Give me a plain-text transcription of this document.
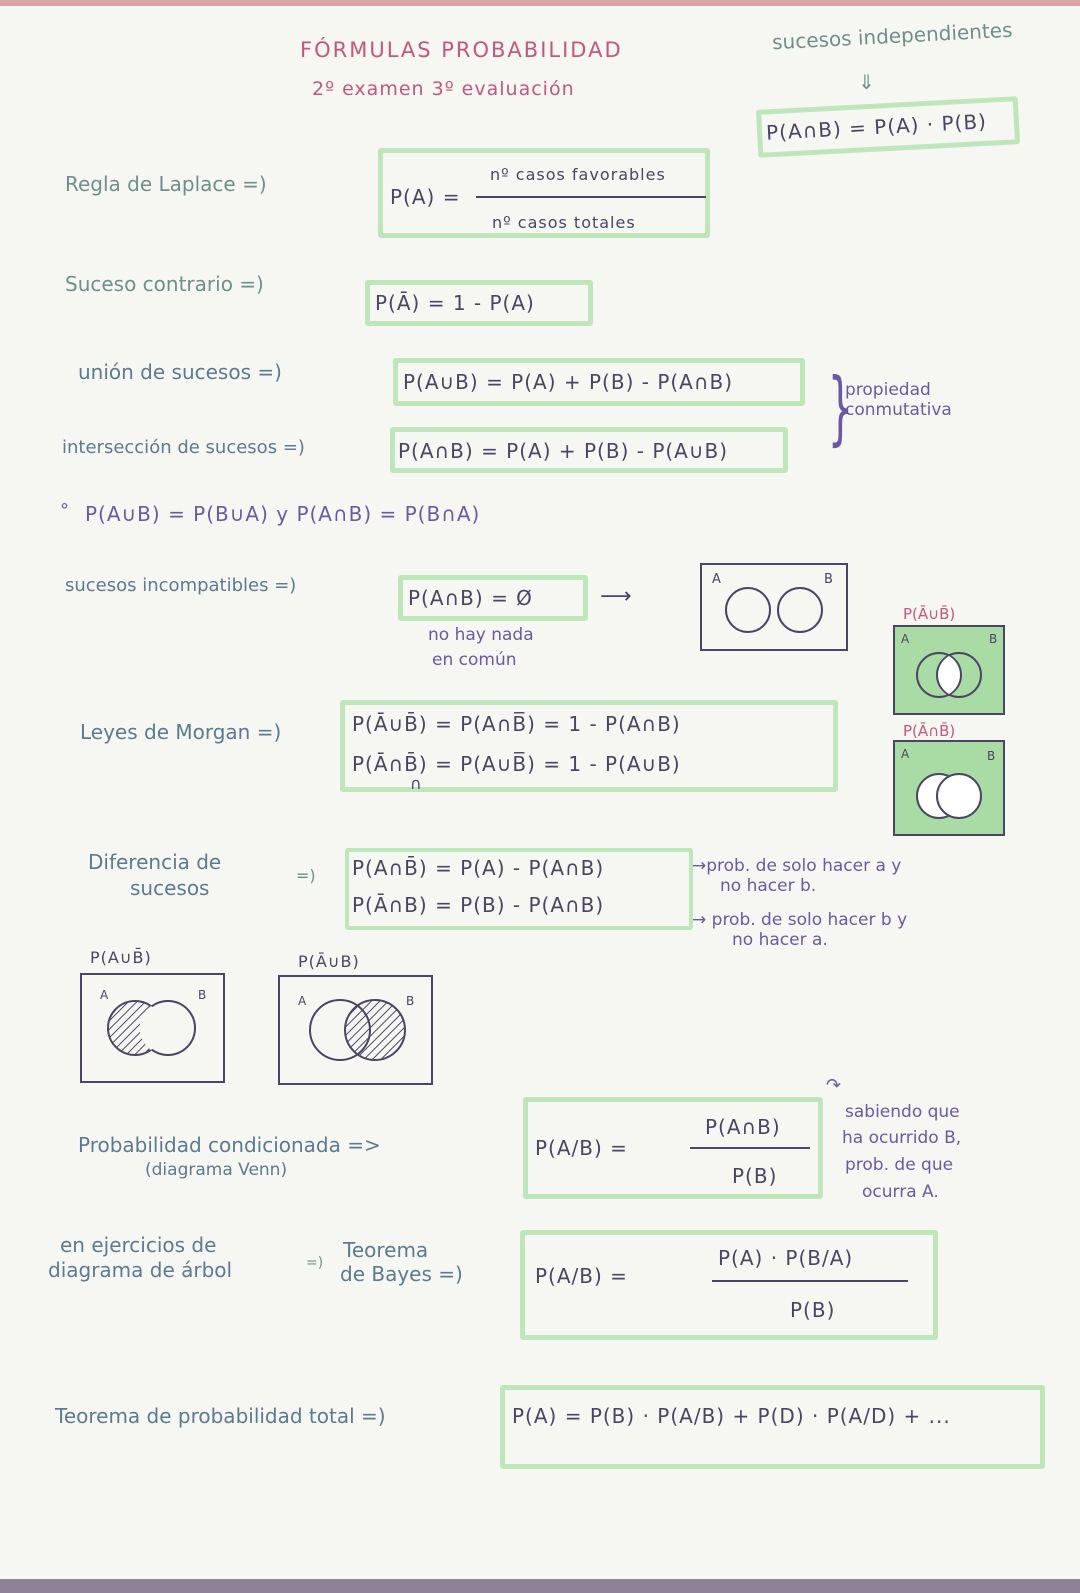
FÓRMULAS PROBABILIDAD
2º examen 3º evaluación
sucesos independientes
⇓
P(A∩B) = P(A) · P(B)
Regla de Laplace =)
P(A) =
nº casos favorables
nº casos totales
Suceso contrario =)
P(Ā) = 1 - P(A)
unión de sucesos =)	P(A∪B) = P(A) + P(B) - P(A∩B)
intersección de sucesos =)	P(A∩B) = P(A) + P(B) - P(A∪B) }
propiedad conmutativa
° P(A∪B) = P(B∪A) y P(A∩B) = P(B∩A)
sucesos incompatibles =)
P(A∩B) = Ø
no hay nada
en común
⟶
A	B
P(Ā∪B̄)
A	B
P(Ā∩B̄)
A	B
Leyes de Morgan =)	P(Ā∪B̄) = P(A∩B̅) = 1 - P(A∩B)
P(Ā∩B̄) = P(A∪B̅) = 1 - P(A∪B)
∩
Diferencia de
sucesos
=) P(A∩B̄) = P(A) - P(A∩B)
P(Ā∩B) = P(B) - P(A∩B)
→prob. de solo hacer a y
no hacer b.
→ prob. de solo hacer b y
no hacer a.
P(A∪B̄)
A	B
P(Ā∪B)
A	B
Probabilidad condicionada =>
(diagrama Venn)
P(A/B) =
P(A∩B)
P(B)
↷
sabiendo que
ha ocurrido B,
prob. de que
ocurra A.
en ejercicios de
diagrama de árbol	=)
Teorema
de Bayes =)	P(A/B) =
P(A) · P(B/A)
P(B)
Teorema de probabilidad total =)	P(A) = P(B) · P(A/B) + P(D) · P(A/D) + ...
